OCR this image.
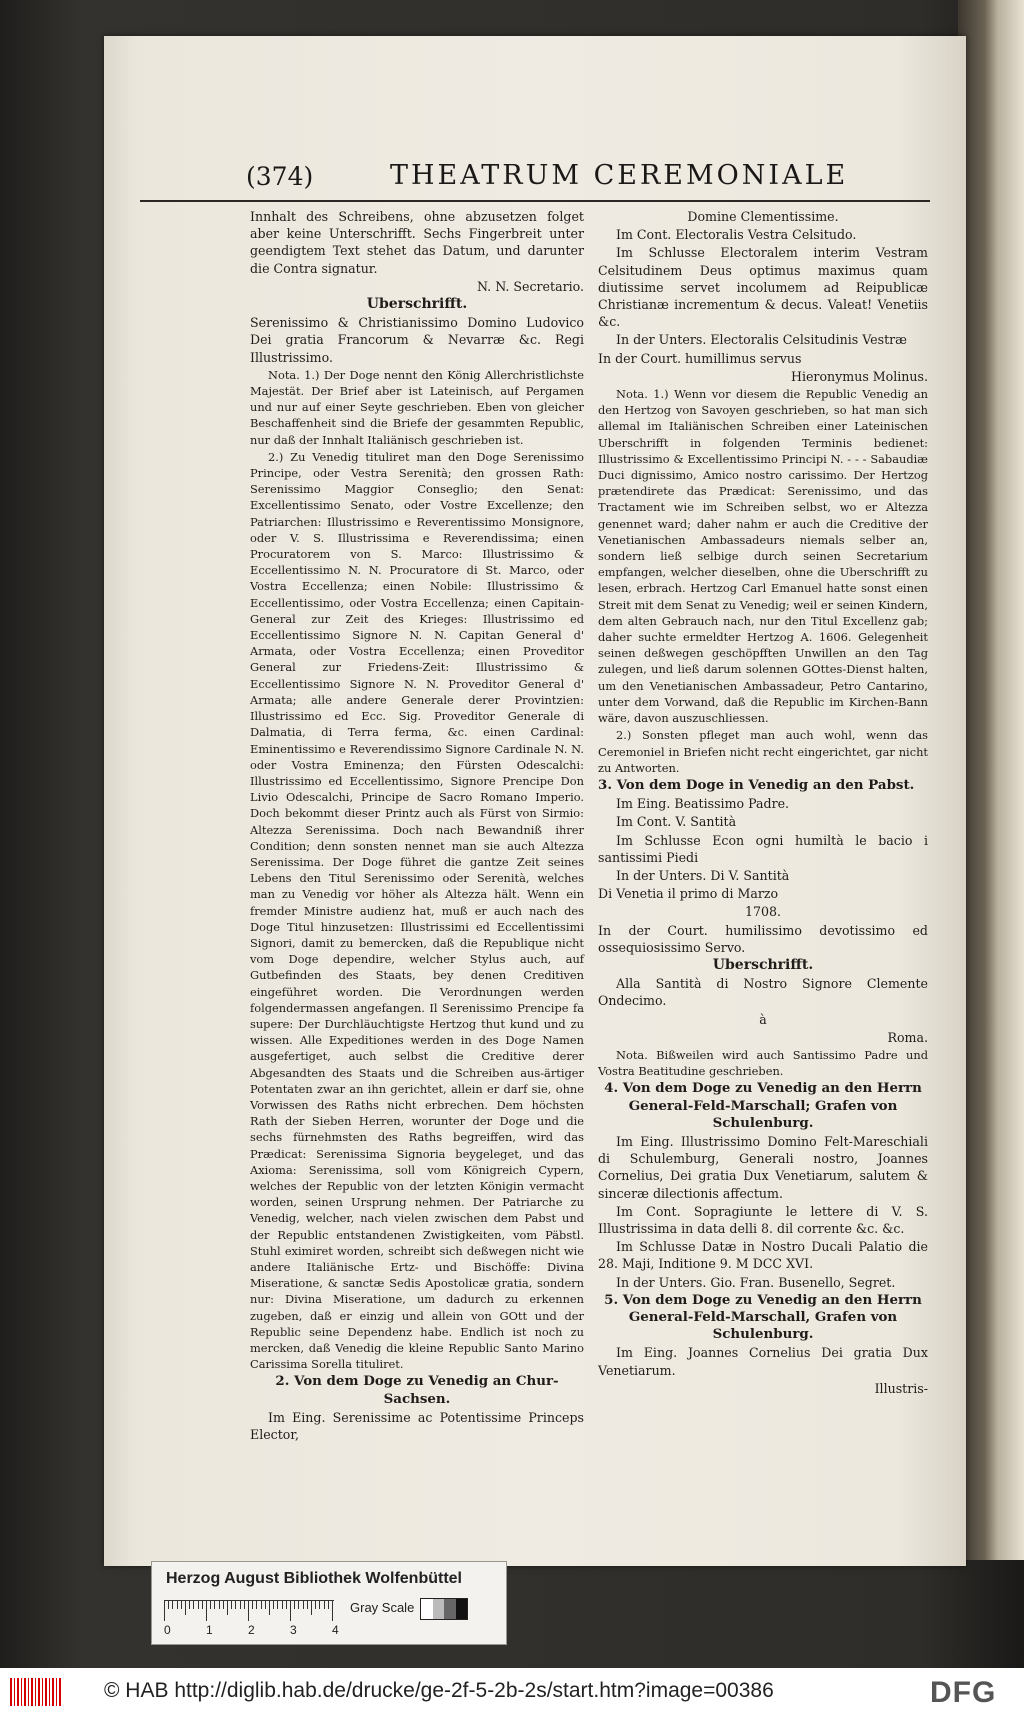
(374)	THEATRUM CEREMONIALE

Innhalt des Schreibens, ohne abzusetzen folget aber keine Unterschrifft. Sechs Fingerbreit unter geendigtem Text stehet das Datum, und darunter die Contra signatur.

N. N. Secretario.

Uberschrifft.

Serenissimo & Christianissimo Domino Ludovico Dei gratia Francorum & Nevarræ &c. Regi Illustrissimo.

Nota. 1.) Der Doge nennt den König Allerchristlichste Majestät. Der Brief aber ist Lateinisch, auf Pergamen und nur auf einer Seyte geschrieben. Eben von gleicher Beschaffenheit sind die Briefe der gesammten Republic, nur daß der Innhalt Italiänisch geschrieben ist.

2.) Zu Venedig tituliret man den Doge Serenissimo Principe, oder Vestra Serenità; den grossen Rath: Serenissimo Maggior Conseglio; den Senat: Excellentissimo Senato, oder Vostre Excellenze; den Patriarchen: Illustrissimo e Reverentissimo Monsignore, oder V. S. Illustrissima e Reverendissima; einen Procuratorem von S. Marco: Illustrissimo & Eccellentissimo N. N. Procuratore di St. Marco, oder Vostra Eccellenza; einen Nobile: Illustrissimo & Eccellentissimo, oder Vostra Eccellenza; einen Capitain-General zur Zeit des Krieges: Illustrissimo ed Eccellentissimo Signore N. N. Capitan General d' Armata, oder Vostra Eccellenza; einen Proveditor General zur Friedens-Zeit: Illustrissimo & Eccellentissimo Signore N. N. Proveditor General d' Armata; alle andere Generale derer Provintzien: Illustrissimo ed Ecc. Sig. Proveditor Generale di Dalmatia, di Terra ferma, &c. einen Cardinal: Eminentissimo e Reverendissimo Signore Cardinale N. N. oder Vostra Eminenza; den Fürsten Odescalchi: Illustrissimo ed Eccellentissimo, Signore Prencipe Don Livio Odescalchi, Principe de Sacro Romano Imperio. Doch bekommt dieser Printz auch als Fürst von Sirmio: Altezza Serenissima. Doch nach Bewandniß ihrer Condition; denn sonsten nennet man sie auch Altezza Serenissima. Der Doge führet die gantze Zeit seines Lebens den Titul Serenissimo oder Serenità, welches man zu Venedig vor höher als Altezza hält. Wenn ein fremder Ministre audienz hat, muß er auch nach des Doge Titul hinzusetzen: Illustrissimi ed Eccellentissimi Signori, damit zu bemercken, daß die Republique nicht vom Doge dependire, welcher Stylus auch, auf Gutbefinden des Staats, bey denen Creditiven eingeführet worden. Die Verordnungen werden folgendermassen angefangen. Il Serenissimo Prencipe fa supere: Der Durchläuchtigste Hertzog thut kund und zu wissen. Alle Expeditiones werden in des Doge Namen ausgefertiget, auch selbst die Creditive derer Abgesandten des Staats und die Schreiben aus-ärtiger Potentaten zwar an ihn gerichtet, allein er darf sie, ohne Vorwissen des Raths nicht erbrechen. Dem höchsten Rath der Sieben Herren, worunter der Doge und die sechs fürnehmsten des Raths begreiffen, wird das Prædicat: Serenissima Signoria beygeleget, und das Axioma: Serenissima, soll vom Königreich Cypern, welches der Republic von der letzten Königin vermacht worden, seinen Ursprung nehmen. Der Patriarche zu Venedig, welcher, nach vielen zwischen dem Pabst und der Republic entstandenen Zwistigkeiten, vom Päbstl. Stuhl eximiret worden, schreibt sich deßwegen nicht wie andere Italiänische Ertz- und Bischöffe: Divina Miseratione, & sanctæ Sedis Apostolicæ gratia, sondern nur: Divina Miseratione, um dadurch zu erkennen zugeben, daß er einzig und allein von GOtt und der Republic seine Dependenz habe. Endlich ist noch zu mercken, daß Venedig die kleine Republic Santo Marino Carissima Sorella tituliret.

2. Von dem Doge zu Venedig an Chur-Sachsen.

Im Eing. Serenissime ac Potentissime Princeps Elector,

Domine Clementissime.

Im Cont. Electoralis Vestra Celsitudo.

Im Schlusse Electoralem interim Vestram Celsitudinem Deus optimus maximus quam diutissime servet incolumem ad Reipublicæ Christianæ incrementum & decus. Valeat! Venetiis &c.

In der Unters. Electoralis Celsitudinis Vestræ

In der Court. humillimus servus

Hieronymus Molinus.

Nota. 1.) Wenn vor diesem die Republic Venedig an den Hertzog von Savoyen geschrieben, so hat man sich allemal im Italiänischen Schreiben einer Lateinischen Uberschrifft in folgenden Terminis bedienet: Illustrissimo & Excellentissimo Principi N. - - - Sabaudiæ Duci dignissimo, Amico nostro carissimo. Der Hertzog prætendirete das Prædicat: Serenissimo, und das Tractament wie im Schreiben selbst, wo er Altezza genennet ward; daher nahm er auch die Creditive der Venetianischen Ambassadeurs niemals selber an, sondern ließ selbige durch seinen Secretarium empfangen, welcher dieselben, ohne die Uberschrifft zu lesen, erbrach. Hertzog Carl Emanuel hatte sonst einen Streit mit dem Senat zu Venedig; weil er seinen Kindern, dem alten Gebrauch nach, nur den Titul Excellenz gab; daher suchte ermeldter Hertzog A. 1606. Gelegenheit seinen deßwegen geschöpfften Unwillen an den Tag zulegen, und ließ darum solennen GOttes-Dienst halten, um den Venetianischen Ambassadeur, Petro Cantarino, unter dem Vorwand, daß die Republic im Kirchen-Bann wäre, davon auszuschliessen.

2.) Sonsten pfleget man auch wohl, wenn das Ceremoniel in Briefen nicht recht eingerichtet, gar nicht zu Antworten.

3. Von dem Doge in Venedig an den Pabst.

Im Eing. Beatissimo Padre.

Im Cont. V. Santità

Im Schlusse Econ ogni humiltà le bacio i santissimi Piedi

In der Unters. Di V. Santità

Di Venetia il primo di Marzo

1708.

In der Court. humilissimo devotissimo ed ossequiosissimo Servo.

Uberschrifft.

Alla Santità di Nostro Signore Clemente Ondecimo.

à

Roma.

Nota. Bißweilen wird auch Santissimo Padre und Vostra Beatitudine geschrieben.

4. Von dem Doge zu Venedig an den Herrn General-Feld-Marschall; Grafen von Schulenburg.

Im Eing. Illustrissimo Domino Felt-Mareschiali di Schulemburg, Generali nostro, Joannes Cornelius, Dei gratia Dux Venetiarum, salutem & sinceræ dilectionis affectum.

Im Cont. Sopragiunte le lettere di V. S. Illustrissima in data delli 8. dil corrente &c. &c.

Im Schlusse Datæ in Nostro Ducali Palatio die 28. Maji, Inditione 9. M DCC XVI.

In der Unters. Gio. Fran. Busenello, Segret.

5. Von dem Doge zu Venedig an den Herrn General-Feld-Marschall, Grafen von Schulenburg.

Im Eing. Joannes Cornelius Dei gratia Dux Venetiarum.

Illustris-

Herzog August Bibliothek Wolfenbüttel
0	1	2	3	4
Gray Scale
© HAB http://diglib.hab.de/drucke/ge-2f-5-2b-2s/start.htm?image=00386	DFG
